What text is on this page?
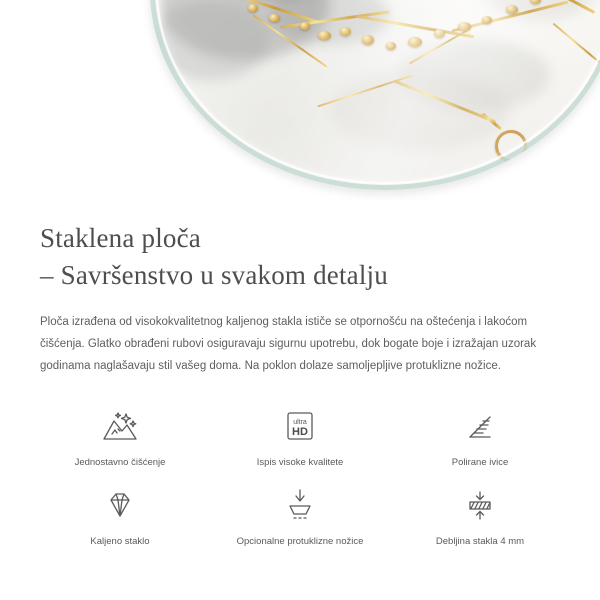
Staklena ploča
– Savršenstvo u svakom detalju

Ploča izrađena od visokokvalitetnog kaljenog stakla ističe se otpornošću na oštećenja i lakoćom čišćenja. Glatko obrađeni rubovi osiguravaju sigurnu upotrebu, dok bogate boje i izražajan uzorak godinama naglašavaju stil vašeg doma. Na poklon dolaze samoljepljive protuklizne nožice.

Jednostavno čišćenje
ultra
HD
Ispis visoke kvalitete	Polirane ivice
Kaljeno staklo	Opcionalne protuklizne nožice	Debljina stakla 4 mm
